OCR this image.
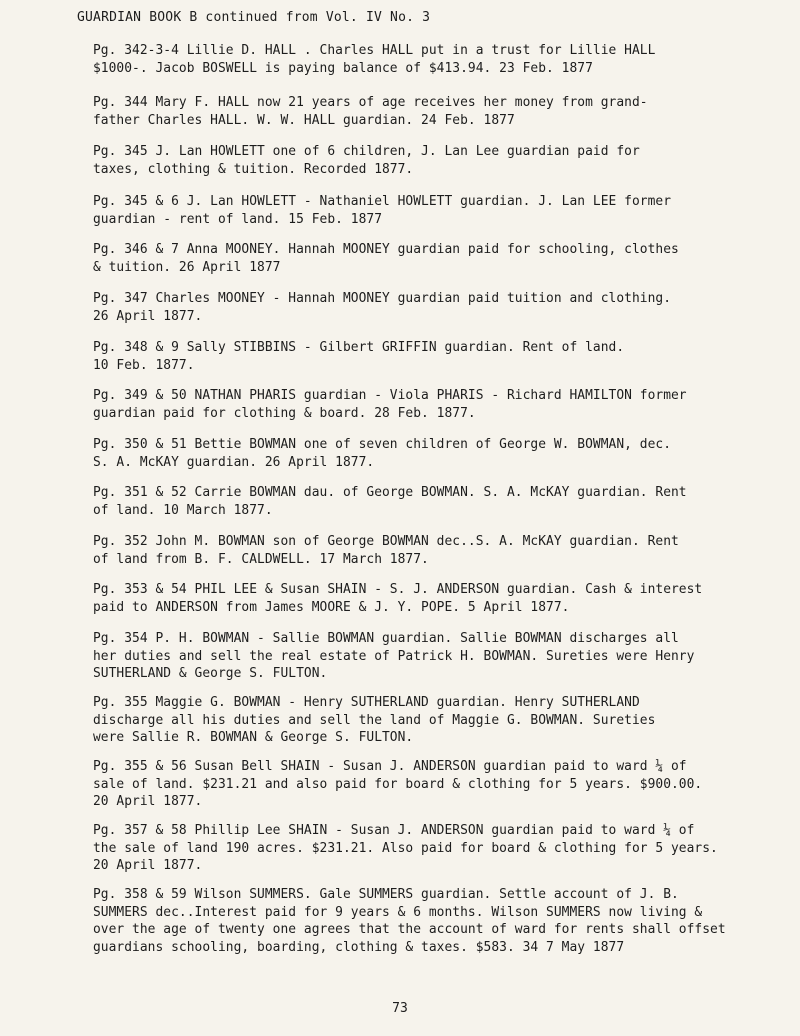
GUARDIAN BOOK B continued from Vol. IV No. 3
Pg. 342-3-4 Lillie D. HALL . Charles HALL put in a trust for Lillie HALL
$1000-. Jacob BOSWELL is paying balance of $413.94. 23 Feb. 1877
Pg. 344 Mary F. HALL now 21 years of age receives her money from grand-
father Charles HALL. W. W. HALL guardian. 24 Feb. 1877
Pg. 345 J. Lan HOWLETT one of 6 children, J. Lan Lee guardian paid for
taxes, clothing & tuition. Recorded 1877.
Pg. 345 & 6 J. Lan HOWLETT - Nathaniel HOWLETT guardian. J. Lan LEE former
guardian - rent of land. 15 Feb. 1877
Pg. 346 & 7 Anna MOONEY. Hannah MOONEY guardian paid for schooling, clothes
& tuition. 26 April 1877
Pg. 347 Charles MOONEY - Hannah MOONEY guardian paid tuition and clothing.
26 April 1877.
Pg. 348 & 9 Sally STIBBINS - Gilbert GRIFFIN guardian. Rent of land.
10 Feb. 1877.
Pg. 349 & 50 NATHAN PHARIS guardian - Viola PHARIS - Richard HAMILTON former
guardian paid for clothing & board. 28 Feb. 1877.
Pg. 350 & 51 Bettie BOWMAN one of seven children of George W. BOWMAN, dec.
S. A. McKAY guardian. 26 April 1877.
Pg. 351 & 52 Carrie BOWMAN dau. of George BOWMAN. S. A. McKAY guardian. Rent
of land. 10 March 1877.
Pg. 352 John M. BOWMAN son of George BOWMAN dec..S. A. McKAY guardian. Rent
of land from B. F. CALDWELL. 17 March 1877.
Pg. 353 & 54 PHIL LEE & Susan SHAIN - S. J. ANDERSON guardian. Cash & interest
paid to ANDERSON from James MOORE & J. Y. POPE. 5 April 1877.
Pg. 354 P. H. BOWMAN - Sallie BOWMAN guardian. Sallie BOWMAN discharges all
her duties and sell the real estate of Patrick H. BOWMAN. Sureties were Henry
SUTHERLAND & George S. FULTON.
Pg. 355 Maggie G. BOWMAN - Henry SUTHERLAND guardian. Henry SUTHERLAND
discharge all his duties and sell the land of Maggie G. BOWMAN. Sureties
were Sallie R. BOWMAN & George S. FULTON.
Pg. 355 & 56 Susan Bell SHAIN - Susan J. ANDERSON guardian paid to ward ¼ of
sale of land. $231.21 and also paid for board & clothing for 5 years. $900.00.
20 April 1877.
Pg. 357 & 58 Phillip Lee SHAIN - Susan J. ANDERSON guardian paid to ward ¼ of
the sale of land 190 acres. $231.21. Also paid for board & clothing for 5 years.
20 April 1877.
Pg. 358 & 59 Wilson SUMMERS. Gale SUMMERS guardian. Settle account of J. B.
SUMMERS dec..Interest paid for 9 years & 6 months. Wilson SUMMERS now living &
over the age of twenty one agrees that the account of ward for rents shall offset
guardians schooling, boarding, clothing & taxes. $583. 34 7 May 1877
73
